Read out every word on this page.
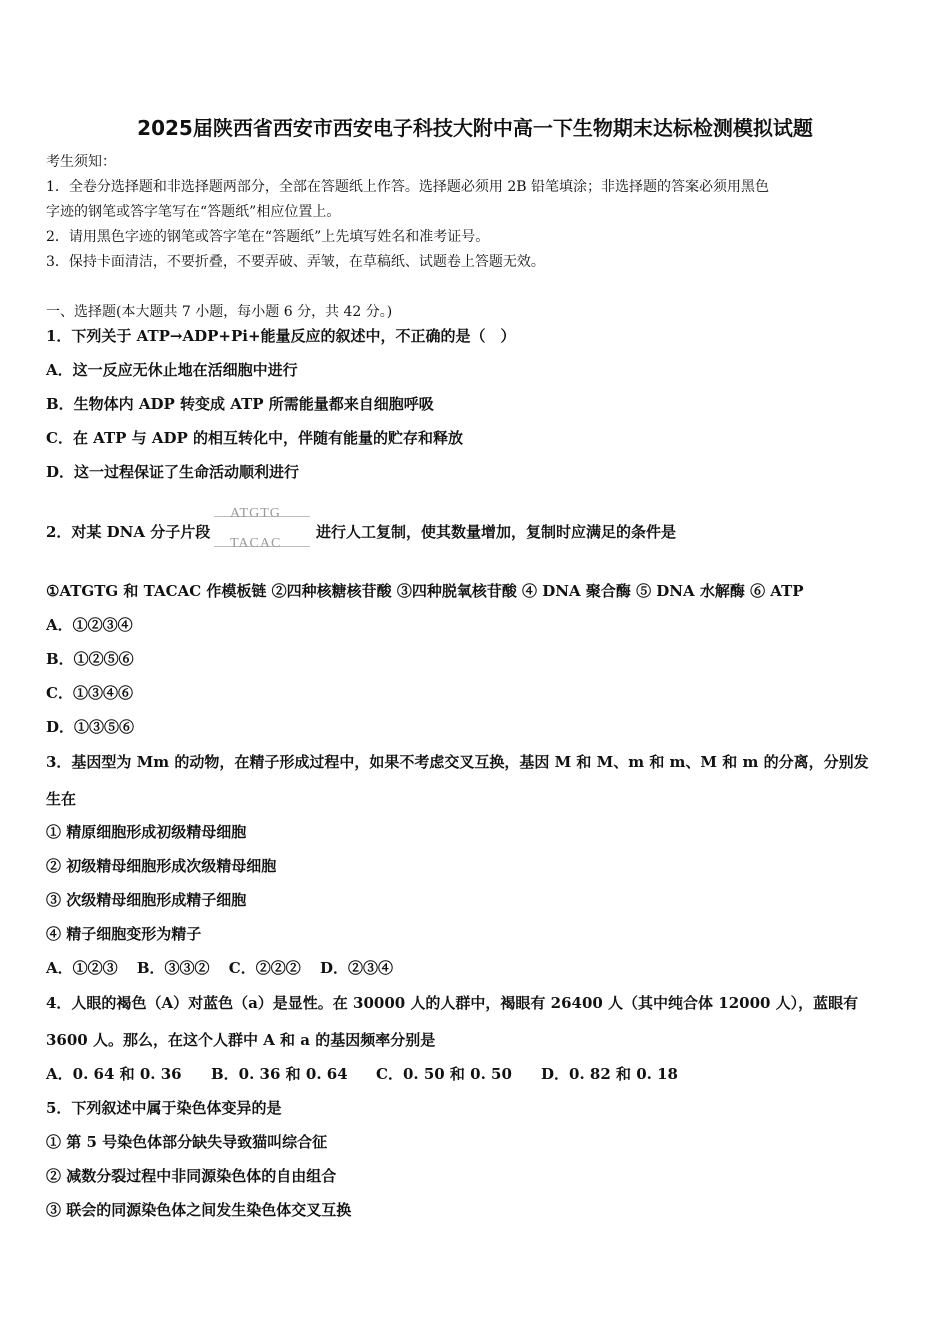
2025届陕西省西安市西安电子科技大附中高一下生物期末达标检测模拟试题
考生须知：
1．全卷分选择题和非选择题两部分，全部在答题纸上作答。选择题必须用 2B 铅笔填涂；非选择题的答案必须用黑色
字迹的钢笔或答字笔写在“答题纸”相应位置上。
2．请用黑色字迹的钢笔或答字笔在“答题纸”上先填写姓名和准考证号。
3．保持卡面清洁，不要折叠，不要弄破、弄皱，在草稿纸、试题卷上答题无效。
一、选择题(本大题共 7 小题，每小题 6 分，共 42 分。)
1．下列关于 ATP→ADP+Pi+能量反应的叙述中，不正确的是（　）
A．这一反应无休止地在活细胞中进行
B．生物体内 ADP 转变成 ATP 所需能量都来自细胞呼吸
C．在 ATP 与 ADP 的相互转化中，伴随有能量的贮存和释放
D．这一过程保证了生命活动顺利进行
2．对某 DNA 分子片段
ATGTG
TACAC
进行人工复制，使其数量增加，复制时应满足的条件是
①ATGTG 和 TACAC 作模板链 ②四种核糖核苷酸 ③四种脱氧核苷酸 ④ DNA 聚合酶 ⑤ DNA 水解酶 ⑥ ATP
A．①②③④
B．①②⑤⑥
C．①③④⑥
D．①③⑤⑥
3．基因型为 Mm 的动物，在精子形成过程中，如果不考虑交叉互换，基因 M 和 M、m 和 m、M 和 m 的分离，分别发
生在
① 精原细胞形成初级精母细胞
② 初级精母细胞形成次级精母细胞
③ 次级精母细胞形成精子细胞
④ 精子细胞变形为精子
A．①②③ B．③③② C．②②② D．②③④
4．人眼的褐色（A）对蓝色（a）是显性。在 30000 人的人群中，褐眼有 26400 人（其中纯合体 12000 人），蓝眼有
3600 人。那么，在这个人群中 A 和 a 的基因频率分别是
A．0. 64 和 0. 36 B．0. 36 和 0. 64 C．0. 50 和 0. 50 D．0. 82 和 0. 18
5．下列叙述中属于染色体变异的是
① 第 5 号染色体部分缺失导致猫叫综合征
② 减数分裂过程中非同源染色体的自由组合
③ 联会的同源染色体之间发生染色体交叉互换
